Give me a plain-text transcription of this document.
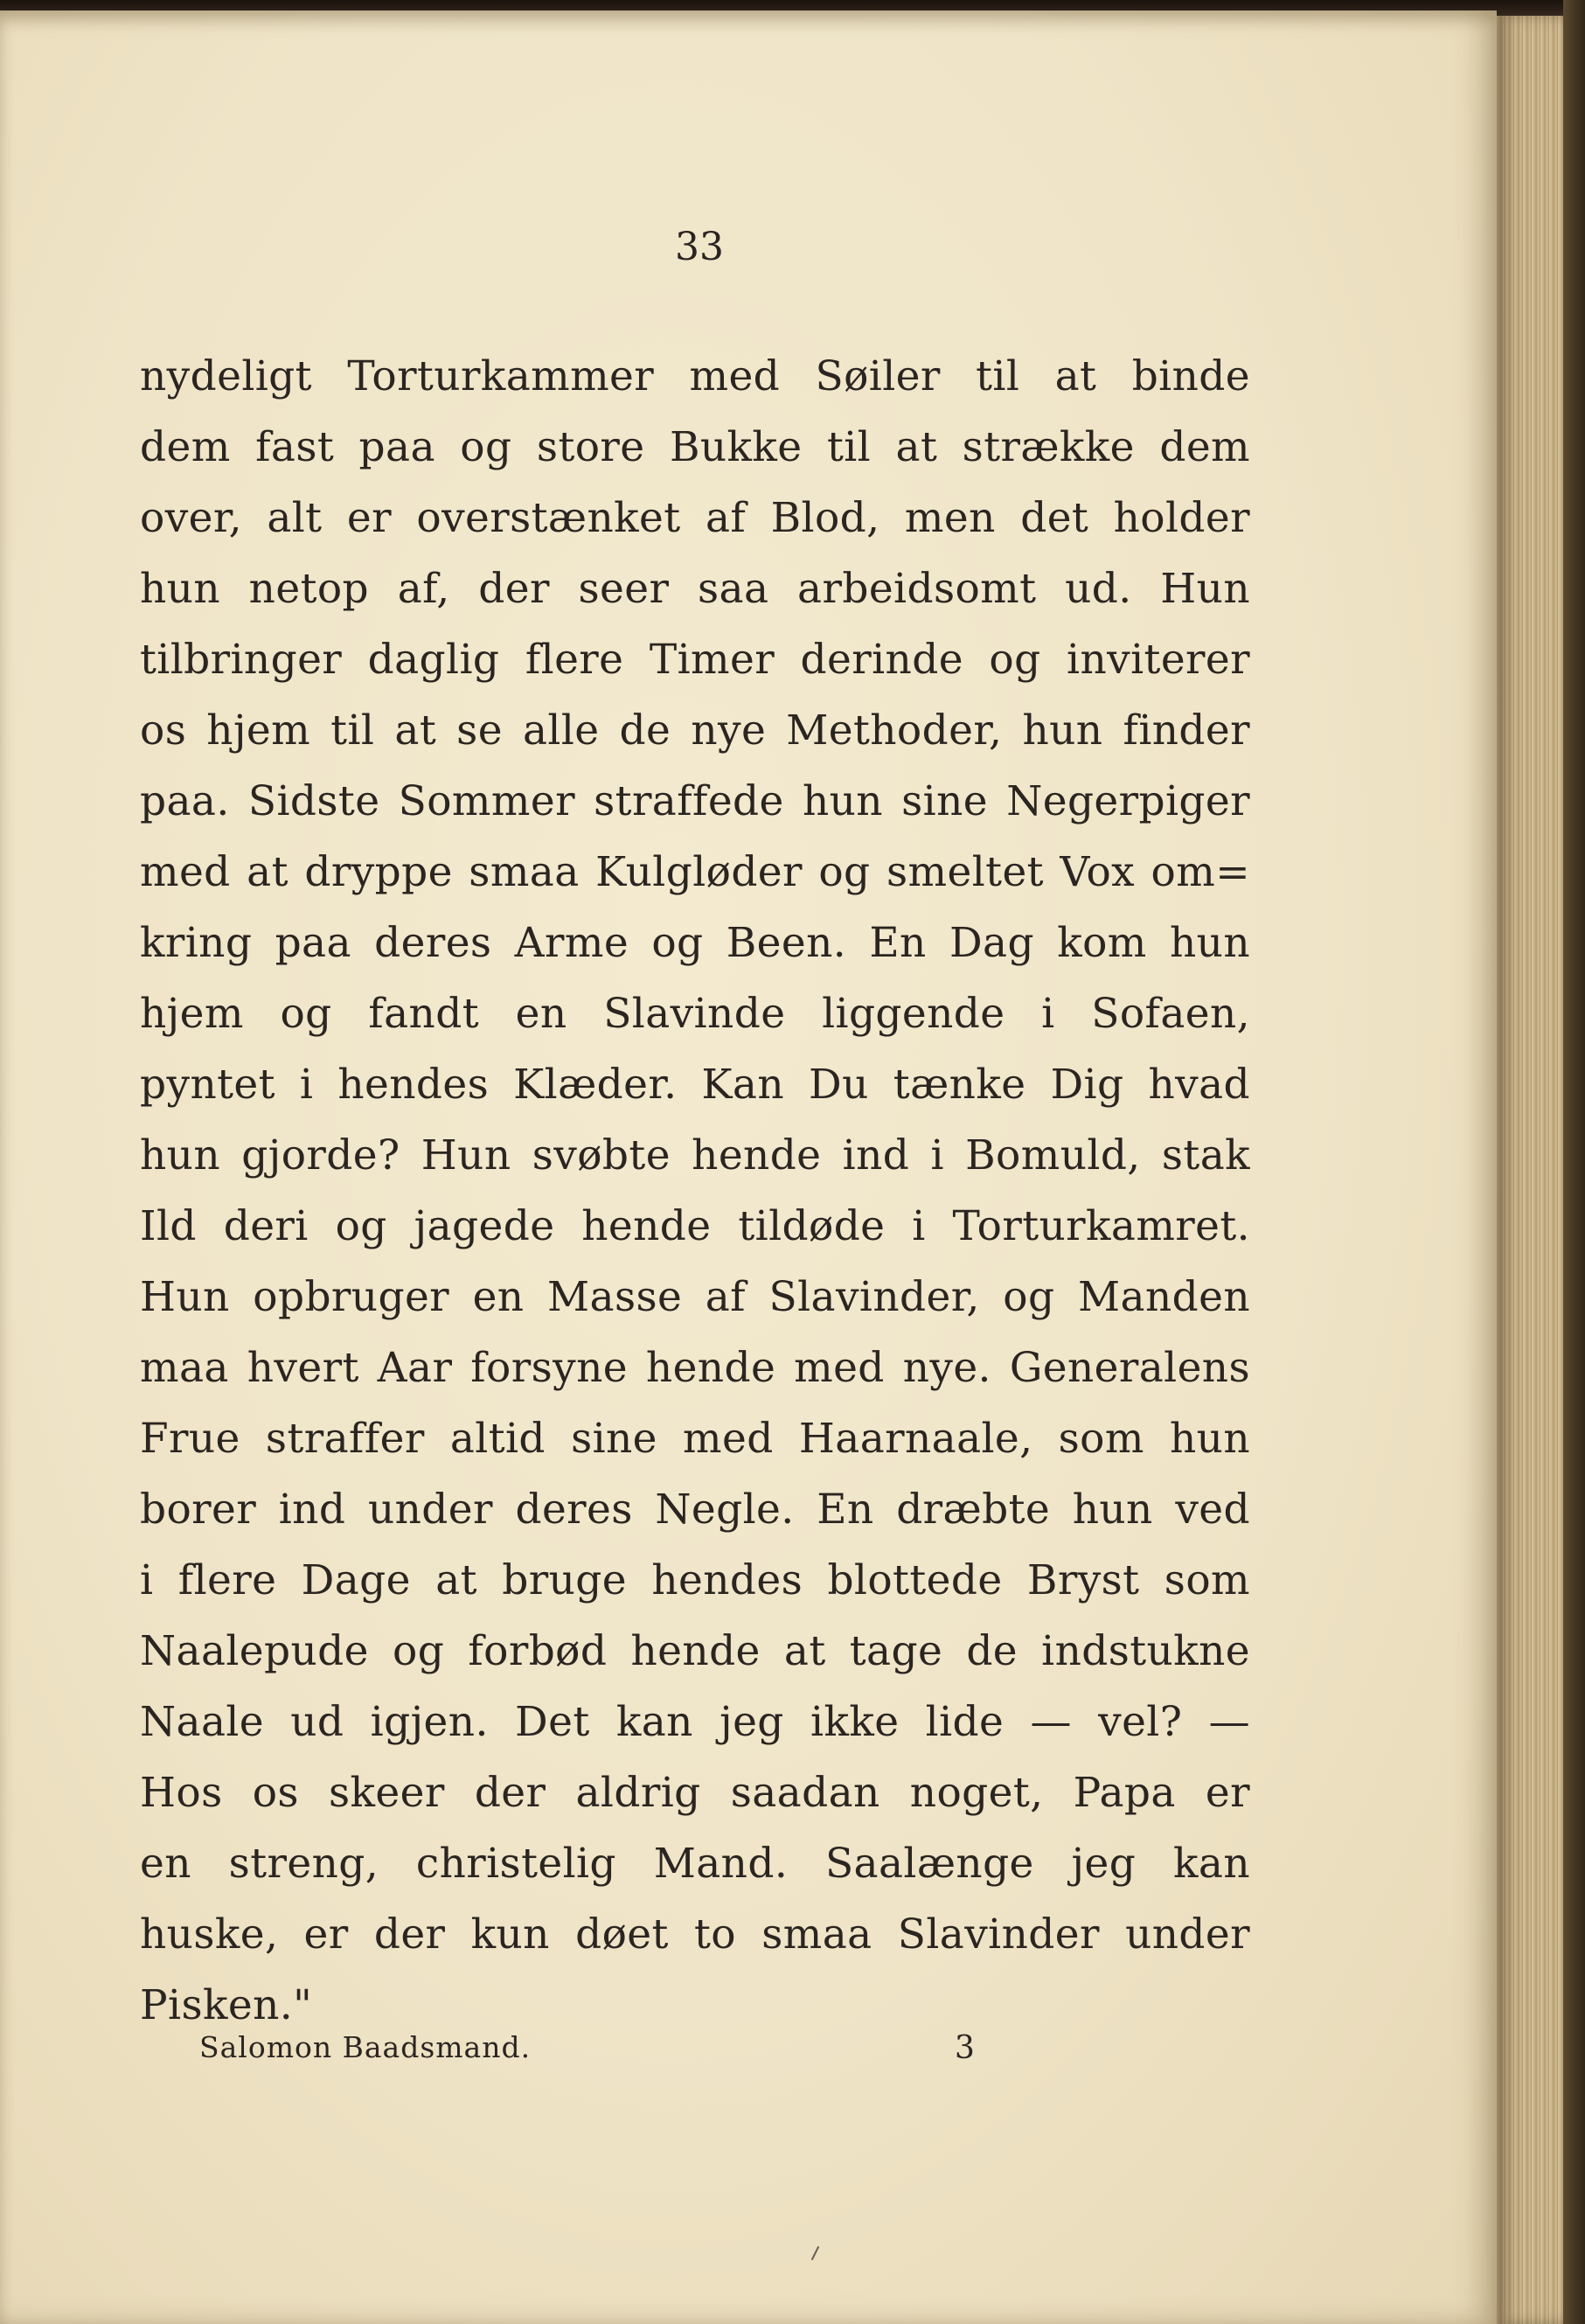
33
nydeligt Torturkammer med Søiler til at binde
dem fast paa og store Bukke til at strække dem
over, alt er overstænket af Blod, men det holder
hun netop af, der seer saa arbeidsomt ud. Hun
tilbringer daglig flere Timer derinde og inviterer
os hjem til at se alle de nye Methoder, hun finder
paa. Sidste Sommer straffede hun sine Negerpiger
med at dryppe smaa Kulgløder og smeltet Vox om=
kring paa deres Arme og Been. En Dag kom hun
hjem og fandt en Slavinde liggende i Sofaen,
pyntet i hendes Klæder. Kan Du tænke Dig hvad
hun gjorde? Hun svøbte hende ind i Bomuld, stak
Ild deri og jagede hende tildøde i Torturkamret.
Hun opbruger en Masse af Slavinder, og Manden
maa hvert Aar forsyne hende med nye. Generalens
Frue straffer altid sine med Haarnaale, som hun
borer ind under deres Negle. En dræbte hun ved
i flere Dage at bruge hendes blottede Bryst som
Naalepude og forbød hende at tage de indstukne
Naale ud igjen. Det kan jeg ikke lide — vel? —
Hos os skeer der aldrig saadan noget, Papa er
en streng, christelig Mand. Saalænge jeg kan
huske, er der kun døet to smaa Slavinder under
Pisken."
Salomon Baadsmand.	3
